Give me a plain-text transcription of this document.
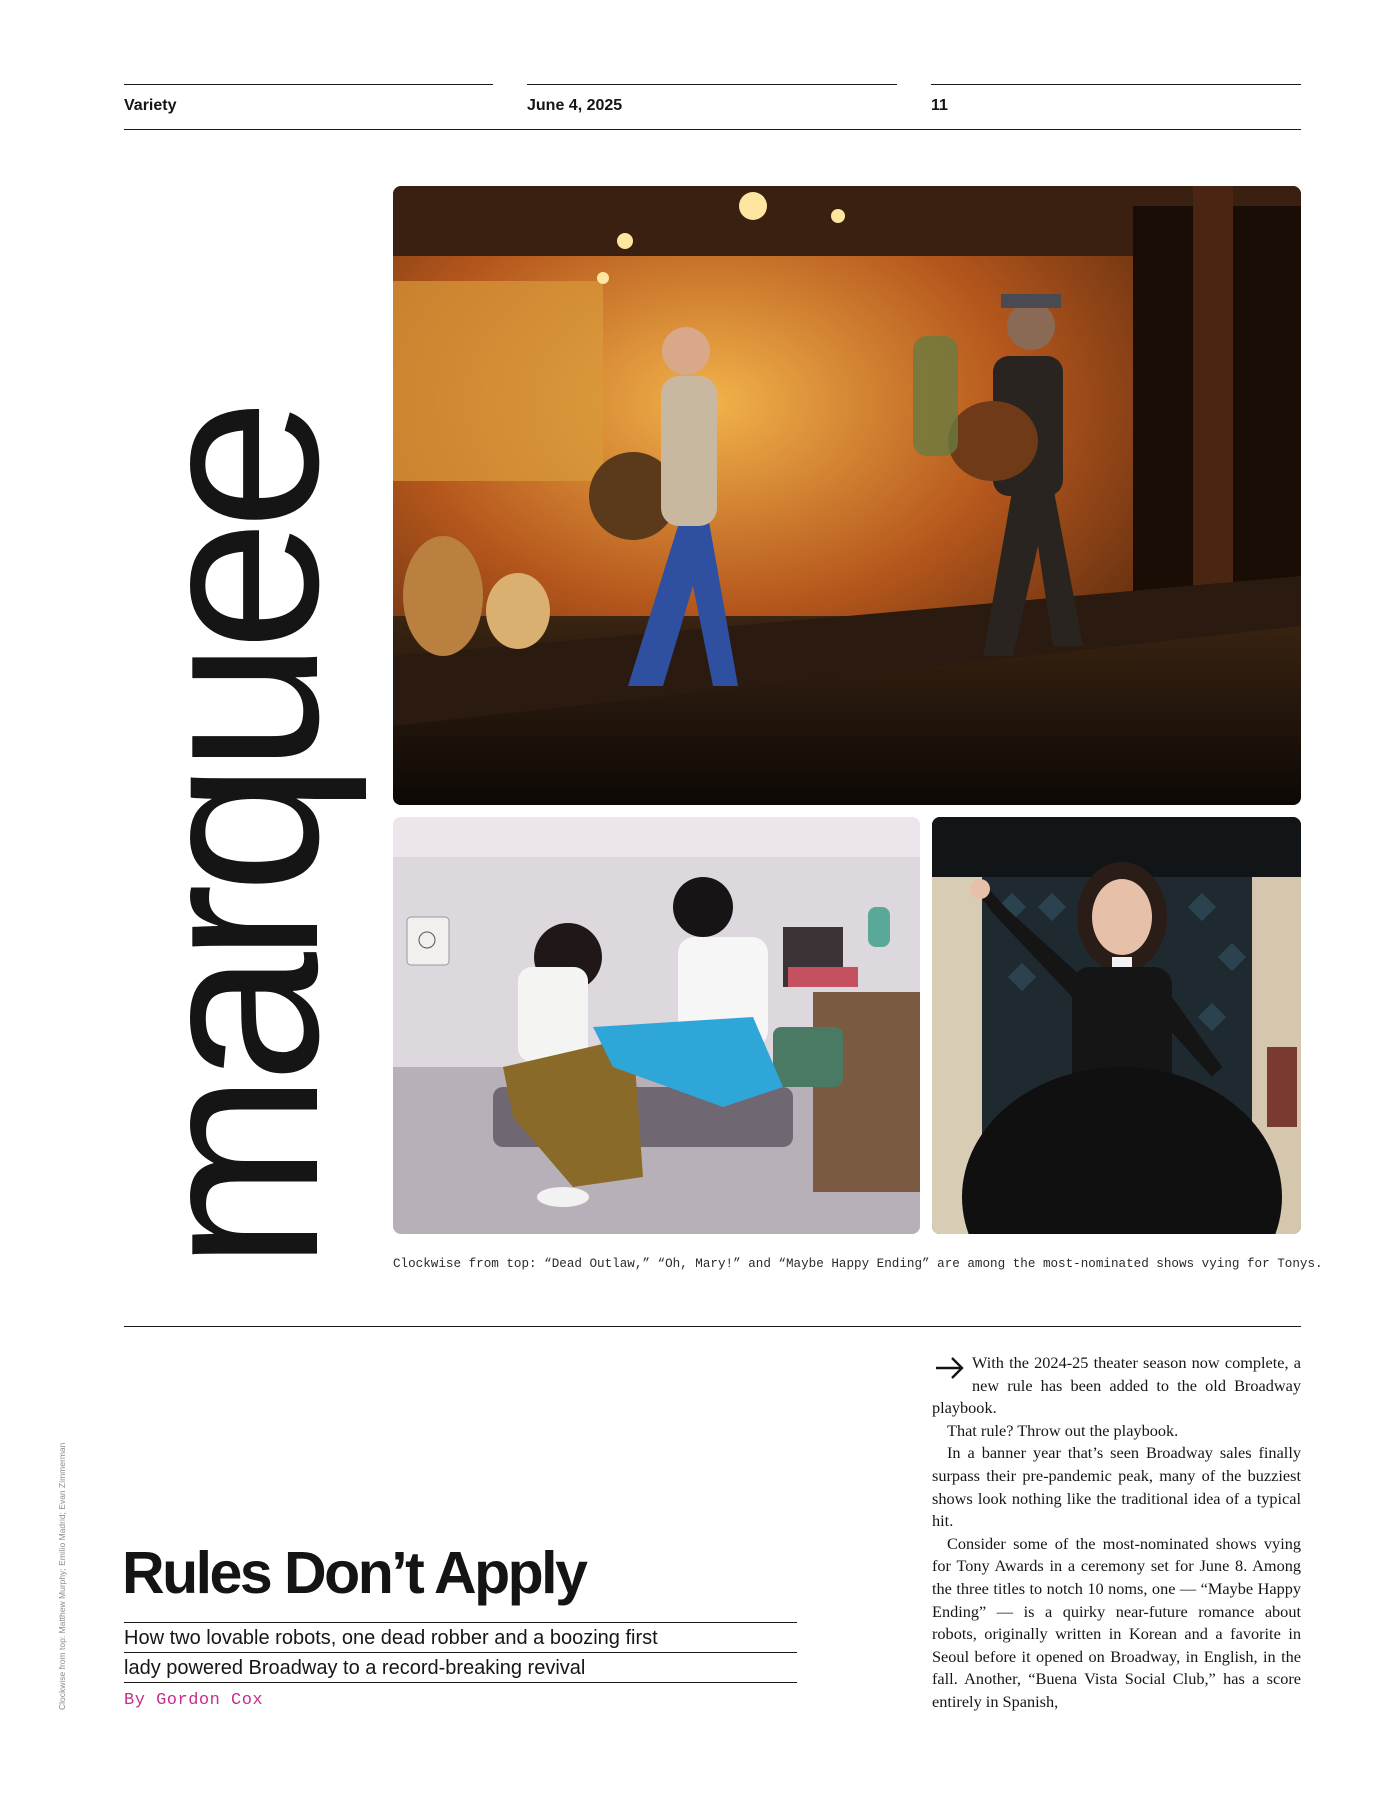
Variety	June 4, 2025	11
marquee Clockwise from top: “Dead Outlaw,” “Oh, Mary!” and “Maybe Happy Ending” are among the most-nominated shows vying for Tonys.
Clockwise from top: Matthew Murphy; Emilio Madrid; Evan Zimmerman Rules Don’t Apply
How two lovable robots, one dead robber and a boozing first
lady powered Broadway to a record-breaking revival
By Gordon Cox

With the 2024-25 theater season now complete, a new rule has been added to the old Broadway playbook.

That rule? Throw out the playbook.

In a banner year that’s seen Broadway sales finally surpass their pre-pandemic peak, many of the buzziest shows look nothing like the traditional idea of a typical hit.

Consider some of the most-nominated shows vying for Tony Awards in a ceremony set for June 8. Among the three titles to notch 10 noms, one — “Maybe Happy Ending” — is a quirky near-future romance about robots, originally written in Korean and a favorite in Seoul before it opened on Broadway, in English, in the fall. Another, “Buena Vista Social Club,” has a score entirely in Spanish,
